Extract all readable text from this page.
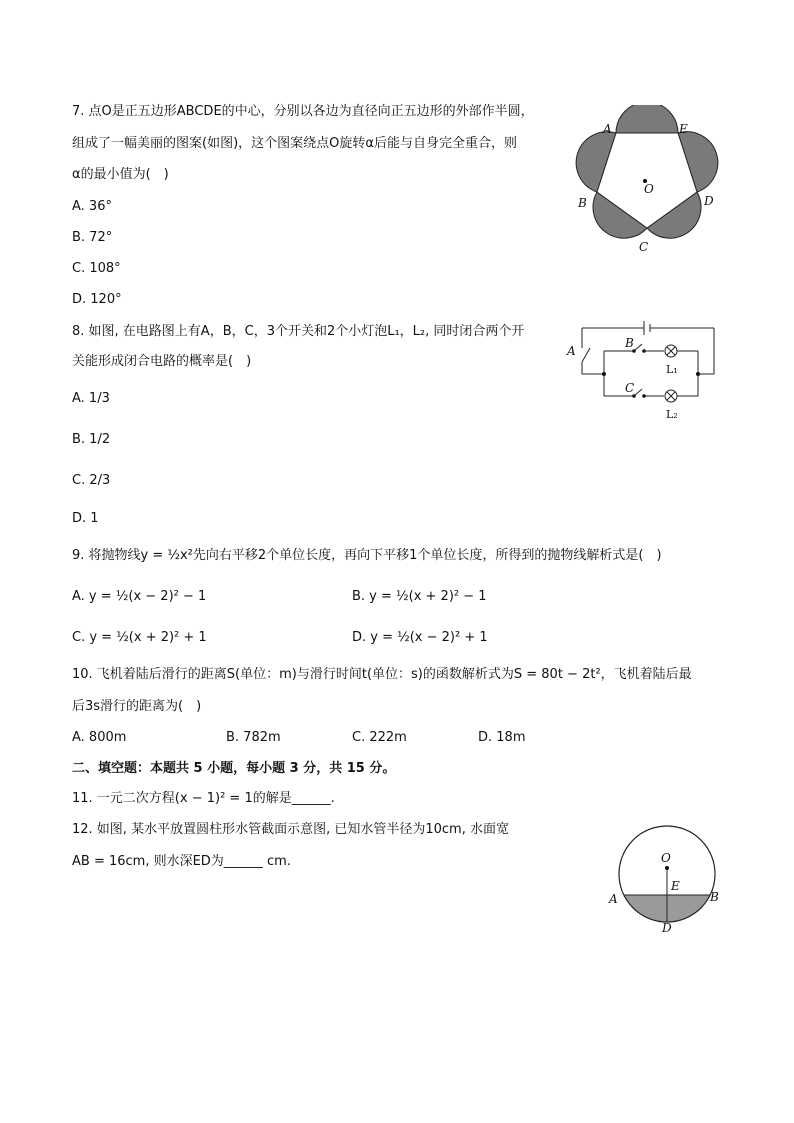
7. 点O是正五边形ABCDE的中心，分别以各边为直径向正五边形的外部作半圆，
组成了一幅美丽的图案(如图)，这个图案绕点O旋转α后能与自身完全重合，则
α的最小值为(　)
A. 36°
B. 72°
C. 108°
D. 120°
A	E
B	D
C
O
8. 如图, 在电路图上有A，B，C，3个开关和2个小灯泡L₁，L₂, 同时闭合两个开
关能形成闭合电路的概率是(　)
A. 1/3
B. 1/2
C. 2/3
D. 1
A
B
C
L₁
L₂
9. 将抛物线y = ½x²先向右平移2个单位长度，再向下平移1个单位长度，所得到的抛物线解析式是(　)
A. y = ½(x − 2)² − 1	B. y = ½(x + 2)² − 1
C. y = ½(x + 2)² + 1	D. y = ½(x − 2)² + 1
10. 飞机着陆后滑行的距离S(单位：m)与滑行时间t(单位：s)的函数解析式为S = 80t − 2t²，飞机着陆后最
后3s滑行的距离为(　)
A. 800m	B. 782m	C. 222m	D. 18m
二、填空题：本题共 5 小题，每小题 3 分，共 15 分。
11. 一元二次方程(x − 1)² = 1的解是______.
12. 如图, 某水平放置圆柱形水管截面示意图, 已知水管半径为10cm, 水面宽
AB = 16cm, 则水深ED为______ cm.	O
E
A	B
D
